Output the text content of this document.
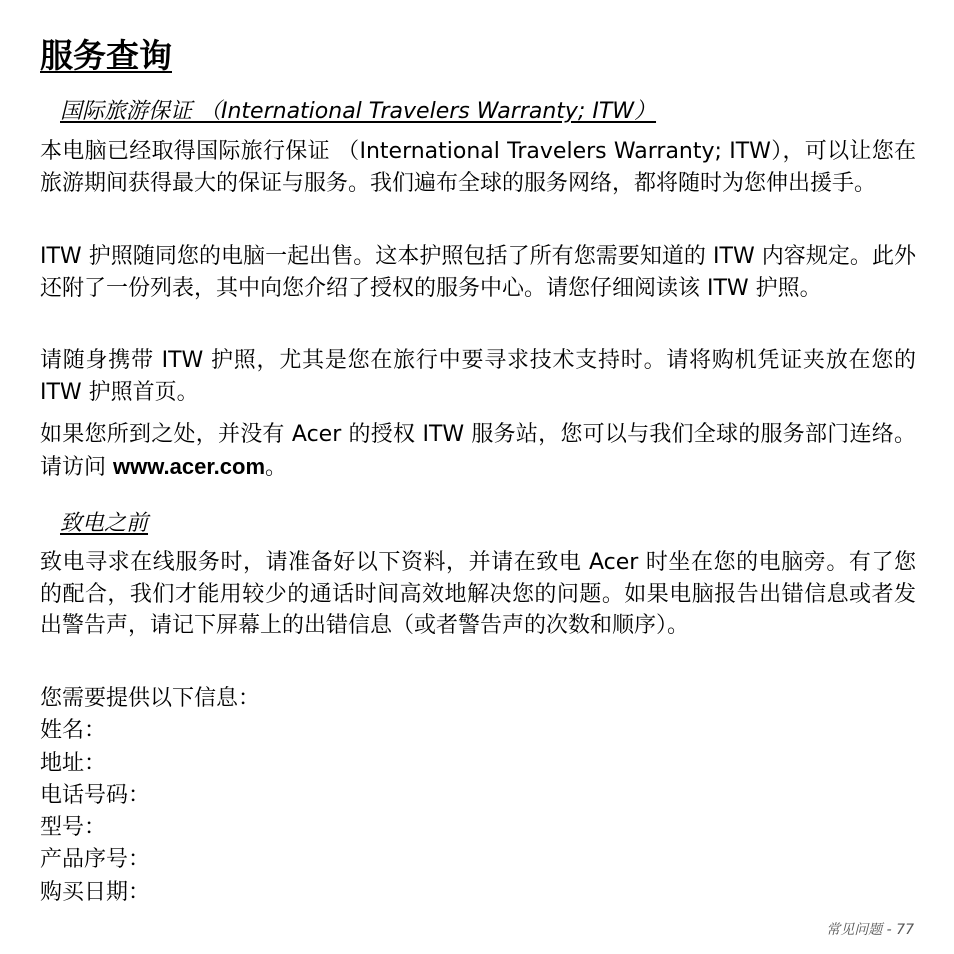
服务查询
国际旅游保证 （International Travelers Warranty; ITW）

本电脑已经取得国际旅行保证 （International Travelers Warranty; ITW），可以让您在旅游期间获得最大的保证与服务。我们遍布全球的服务网络，都将随时为您伸出援手。

ITW 护照随同您的电脑一起出售。这本护照包括了所有您需要知道的 ITW 内容规定。此外还附了一份列表，其中向您介绍了授权的服务中心。请您仔细阅读该 ITW 护照。

请随身携带 ITW 护照，尤其是您在旅行中要寻求技术支持时。请将购机凭证夹放在您的 ITW 护照首页。

如果您所到之处，并没有 Acer 的授权 ITW 服务站，您可以与我们全球的服务部门连络。请访问 www.acer.com。

致电之前

致电寻求在线服务时，请准备好以下资料，并请在致电 Acer 时坐在您的电脑旁。有了您的配合，我们才能用较少的通话时间高效地解决您的问题。如果电脑报告出错信息或者发出警告声，请记下屏幕上的出错信息（或者警告声的次数和顺序）。

您需要提供以下信息：
姓名：
地址：
电话号码：
型号：
产品序号：
购买日期：
常见问题 - 77
